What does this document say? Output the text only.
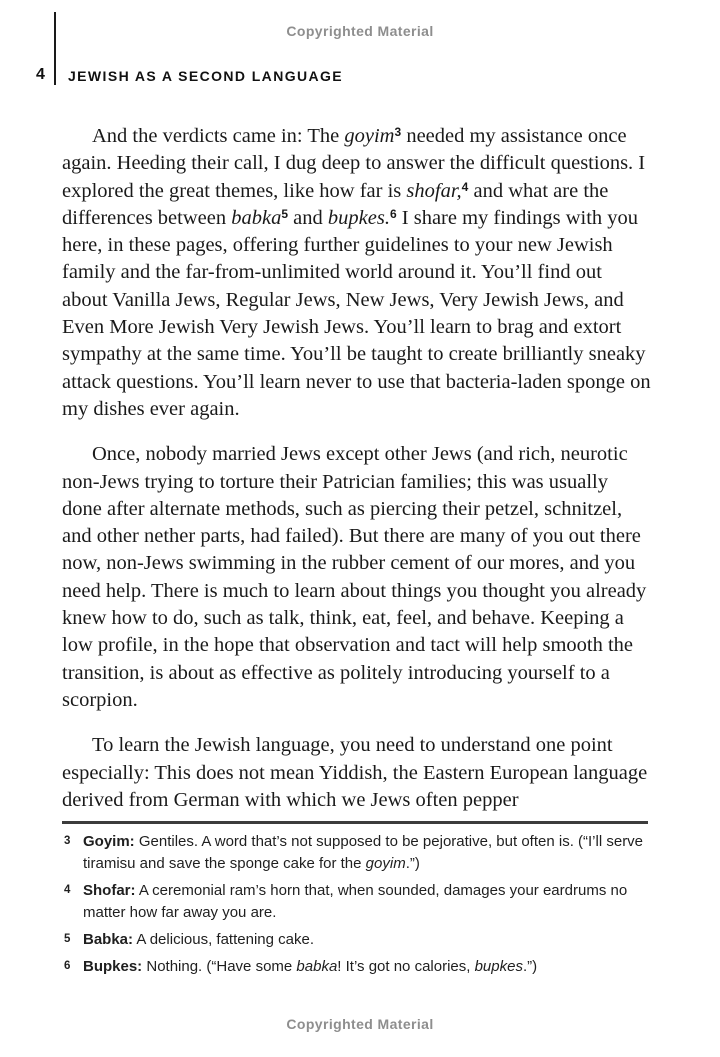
Copyrighted Material
4 JEWISH AS A SECOND LANGUAGE

And the verdicts came in: The goyim$^3$ needed my assistance once again. Heeding their call, I dug deep to answer the difficult questions. I explored the great themes, like how far is shofar,$^4$ and what are the differences between babka$^5$ and bupkes.$^6$ I share my findings with you here, in these pages, offering further guidelines to your new Jewish family and the far-from-unlimited world around it. You’ll find out about Vanilla Jews, Regular Jews, New Jews, Very Jewish Jews, and Even More Jewish Very Jewish Jews. You’ll learn to brag and extort sympathy at the same time. You’ll be taught to create brilliantly sneaky attack questions. You’ll learn never to use that bacteria-laden sponge on my dishes ever again.

Once, nobody married Jews except other Jews (and rich, neurotic non-Jews trying to torture their Patrician families; this was usually done after alternate methods, such as piercing their petzel, schnitzel, and other nether parts, had failed). But there are many of you out there now, non-Jews swimming in the rubber cement of our mores, and you need help. There is much to learn about things you thought you already knew how to do, such as talk, think, eat, feel, and behave. Keeping a low profile, in the hope that observation and tact will help smooth the transition, is about as effective as politely introducing yourself to a scorpion.

To learn the Jewish language, you need to understand one point especially: This does not mean Yiddish, the Eastern European language derived from German with which we Jews often pepper

3 Goyim: Gentiles. A word that’s not supposed to be pejorative, but often is. (“I’ll serve tiramisu and save the sponge cake for the goyim.”)
4 Shofar: A ceremonial ram’s horn that, when sounded, damages your eardrums no matter how far away you are.
5 Babka: A delicious, fattening cake.
6 Bupkes: Nothing. (“Have some babka! It’s got no calories, bupkes.”)
Copyrighted Material
